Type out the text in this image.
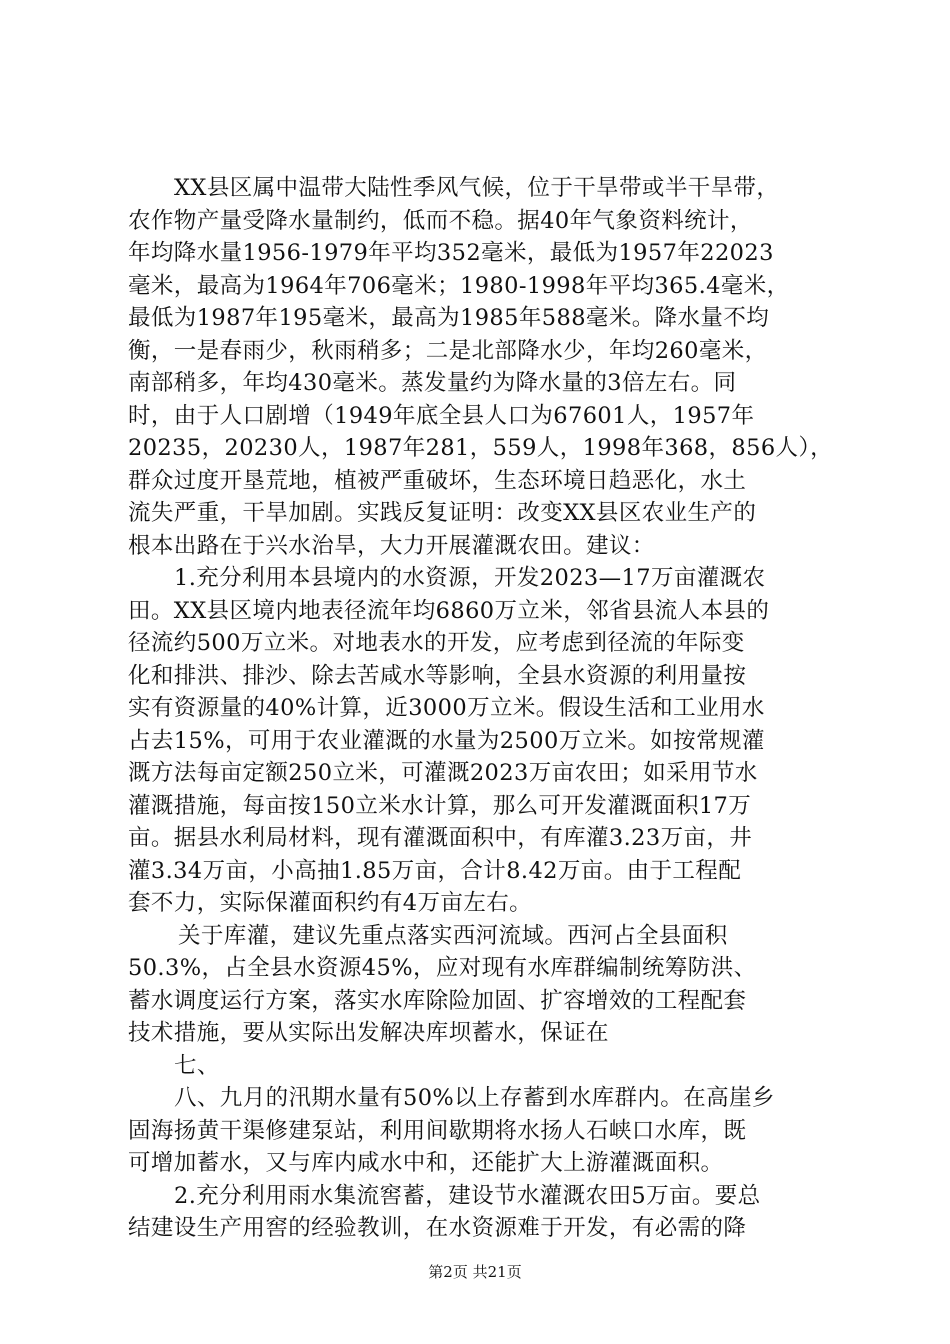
XX县区属中温带大陆性季风气候，位于干旱带或半干旱带，
农作物产量受降水量制约，低而不稳。据40年气象资料统计，
年均降水量1956-1979年平均352毫米，最低为1957年22023
毫米，最高为1964年706毫米；1980-1998年平均365.4毫米，
最低为1987年195毫米，最高为1985年588毫米。降水量不均
衡，一是春雨少，秋雨稍多；二是北部降水少，年均260毫米，
南部稍多，年均430毫米。蒸发量约为降水量的3倍左右。同
时，由于人口剧增（1949年底全县人口为67601人，1957年
20235，20230人，1987年281，559人，1998年368，856人），
群众过度开垦荒地，植被严重破坏，生态环境日趋恶化，水土
流失严重，干旱加剧。实践反复证明：改变XX县区农业生产的
根本出路在于兴水治旱，大力开展灌溉农田。建议：
1.充分利用本县境内的水资源，开发2023—17万亩灌溉农
田。XX县区境内地表径流年均6860万立米，邻省县流人本县的
径流约500万立米。对地表水的开发，应考虑到径流的年际变
化和排洪、排沙、除去苦咸水等影响，全县水资源的利用量按
实有资源量的40%计算，近3000万立米。假设生活和工业用水
占去15%，可用于农业灌溉的水量为2500万立米。如按常规灌
溉方法每亩定额250立米，可灌溉2023万亩农田；如采用节水
灌溉措施，每亩按150立米水计算，那么可开发灌溉面积17万
亩。据县水利局材料，现有灌溉面积中，有库灌3.23万亩，井
灌3.34万亩，小高抽1.85万亩，合计8.42万亩。由于工程配
套不力，实际保灌面积约有4万亩左右。
关于库灌，建议先重点落实西河流域。西河占全县面积
50.3%，占全县水资源45%，应对现有水库群编制统筹防洪、
蓄水调度运行方案，落实水库除险加固、扩容增效的工程配套
技术措施，要从实际出发解决库坝蓄水，保证在
七、
八、九月的汛期水量有50%以上存蓄到水库群内。在高崖乡
固海扬黄干渠修建泵站，利用间歇期将水扬人石峡口水库，既
可增加蓄水，又与库内咸水中和，还能扩大上游灌溉面积。
2.充分利用雨水集流窖蓄，建设节水灌溉农田5万亩。要总
结建设生产用窖的经验教训，在水资源难于开发，有必需的降
第2页 共21页
